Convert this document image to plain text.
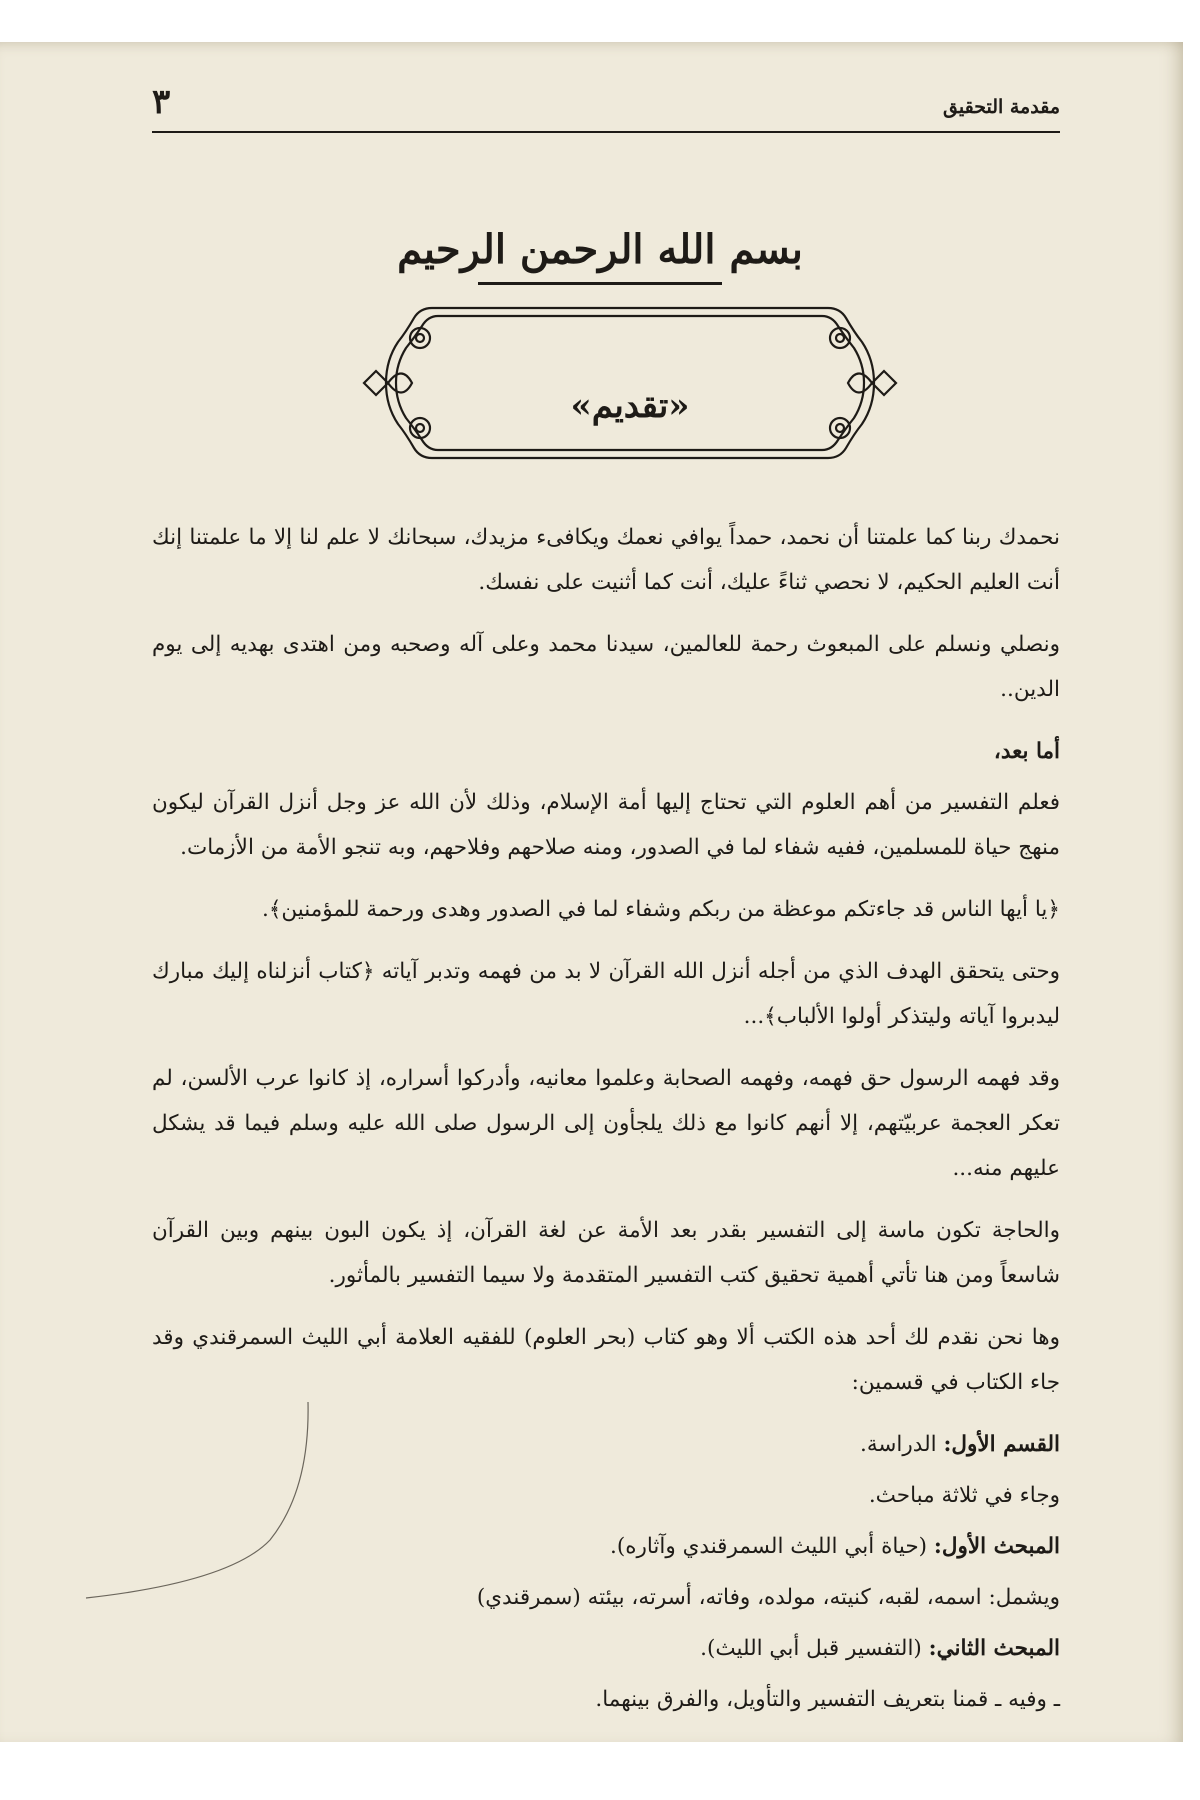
مقدمة التحقيق
٣
بسم الله الرحمن الرحيم
«تقديم»

نحمدك ربنا كما علمتنا أن نحمد، حمداً يوافي نعمك ويكافىء مزيدك، سبحانك لا علم لنا إلا ما علمتنا إنك أنت العليم الحكيم، لا نحصي ثناءً عليك، أنت كما أثنيت على نفسك.

ونصلي ونسلم على المبعوث رحمة للعالمين، سيدنا محمد وعلى آله وصحبه ومن اهتدى بهديه إلى يوم الدين..

أما بعد،

فعلم التفسير من أهم العلوم التي تحتاج إليها أمة الإسلام، وذلك لأن الله عز وجل أنزل القرآن ليكون منهج حياة للمسلمين، ففيه شفاء لما في الصدور، ومنه صلاحهم وفلاحهم، وبه تنجو الأمة من الأزمات.

﴿يا أيها الناس قد جاءتكم موعظة من ربكم وشفاء لما في الصدور وهدى ورحمة للمؤمنين﴾.

وحتى يتحقق الهدف الذي من أجله أنزل الله القرآن لا بد من فهمه وتدبر آياته ﴿كتاب أنزلناه إليك مبارك ليدبروا آياته وليتذكر أولوا الألباب﴾...

وقد فهمه الرسول حق فهمه، وفهمه الصحابة وعلموا معانيه، وأدركوا أسراره، إذ كانوا عرب الألسن، لم تعكر العجمة عربيّتهم، إلا أنهم كانوا مع ذلك يلجأون إلى الرسول صلى الله عليه وسلم فيما قد يشكل عليهم منه...

والحاجة تكون ماسة إلى التفسير بقدر بعد الأمة عن لغة القرآن، إذ يكون البون بينهم وبين القرآن شاسعاً ومن هنا تأتي أهمية تحقيق كتب التفسير المتقدمة ولا سيما التفسير بالمأثور.

وها نحن نقدم لك أحد هذه الكتب ألا وهو كتاب (بحر العلوم) للفقيه العلامة أبي الليث السمرقندي وقد جاء الكتاب في قسمين:

القسم الأول: الدراسة.

وجاء في ثلاثة مباحث.

المبحث الأول: (حياة أبي الليث السمرقندي وآثاره).

ويشمل: اسمه، لقبه، كنيته، مولده، وفاته، أسرته، بيئته (سمرقندي)

المبحث الثاني: (التفسير قبل أبي الليث).

ـ وفيه ـ قمنا بتعريف التفسير والتأويل، والفرق بينهما.
